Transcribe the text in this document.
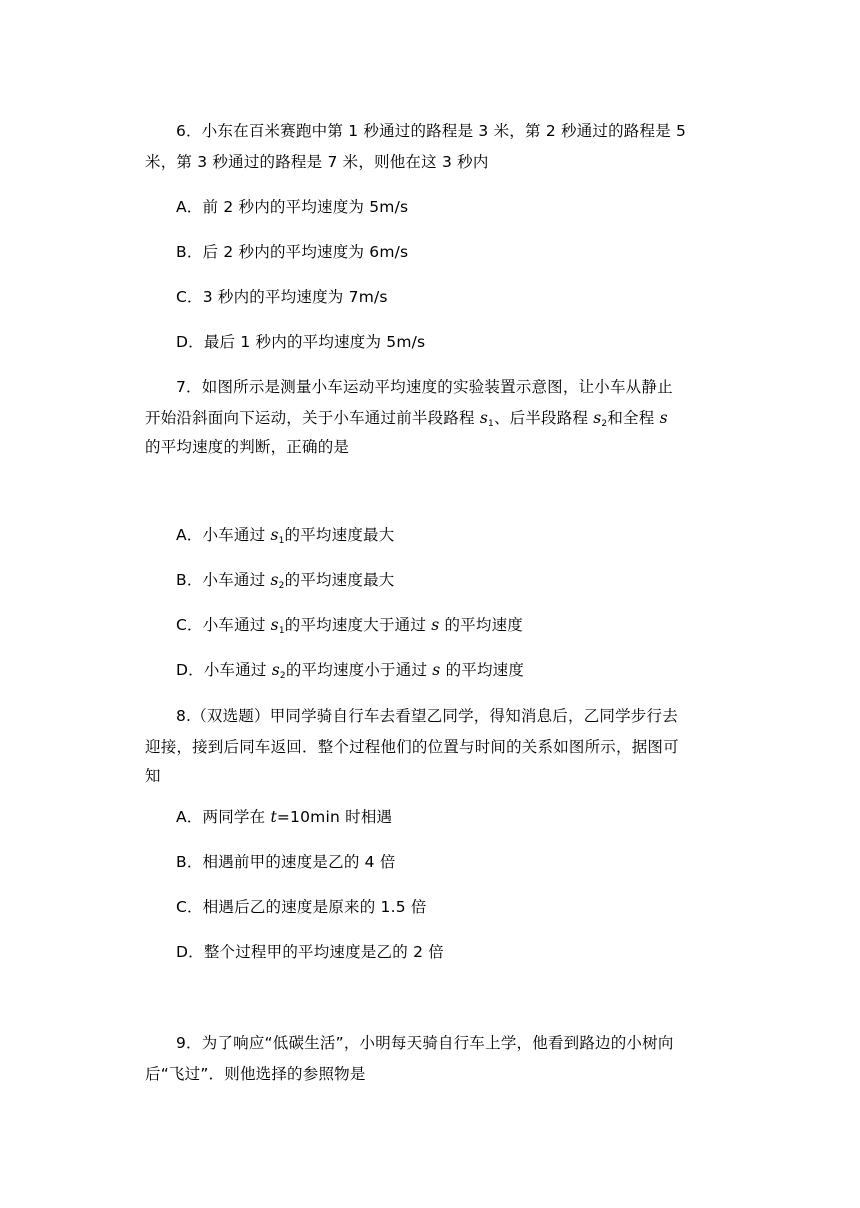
6．小东在百米赛跑中第 1 秒通过的路程是 3 米，第 2 秒通过的路程是 5
米，第 3 秒通过的路程是 7 米，则他在这 3 秒内
A．前 2 秒内的平均速度为 5m/s
B．后 2 秒内的平均速度为 6m/s
C．3 秒内的平均速度为 7m/s
D．最后 1 秒内的平均速度为 5m/s
7．如图所示是测量小车运动平均速度的实验装置示意图，让小车从静止
开始沿斜面向下运动，关于小车通过前半段路程 $s_1$、后半段路程 $s_2$和全程 s
的平均速度的判断，正确的是
A．小车通过 $s_1$的平均速度最大
B．小车通过 $s_2$的平均速度最大
C．小车通过 $s_1$的平均速度大于通过 s 的平均速度
D．小车通过 $s_2$的平均速度小于通过 s 的平均速度
8.（双选题）甲同学骑自行车去看望乙同学，得知消息后，乙同学步行去
迎接，接到后同车返回．整个过程他们的位置与时间的关系如图所示，据图可
知
A．两同学在 t=10min 时相遇
B．相遇前甲的速度是乙的 4 倍
C．相遇后乙的速度是原来的 1.5 倍
D．整个过程甲的平均速度是乙的 2 倍
9．为了响应“低碳生活”，小明每天骑自行车上学，他看到路边的小树向
后“飞过”．则他选择的参照物是
